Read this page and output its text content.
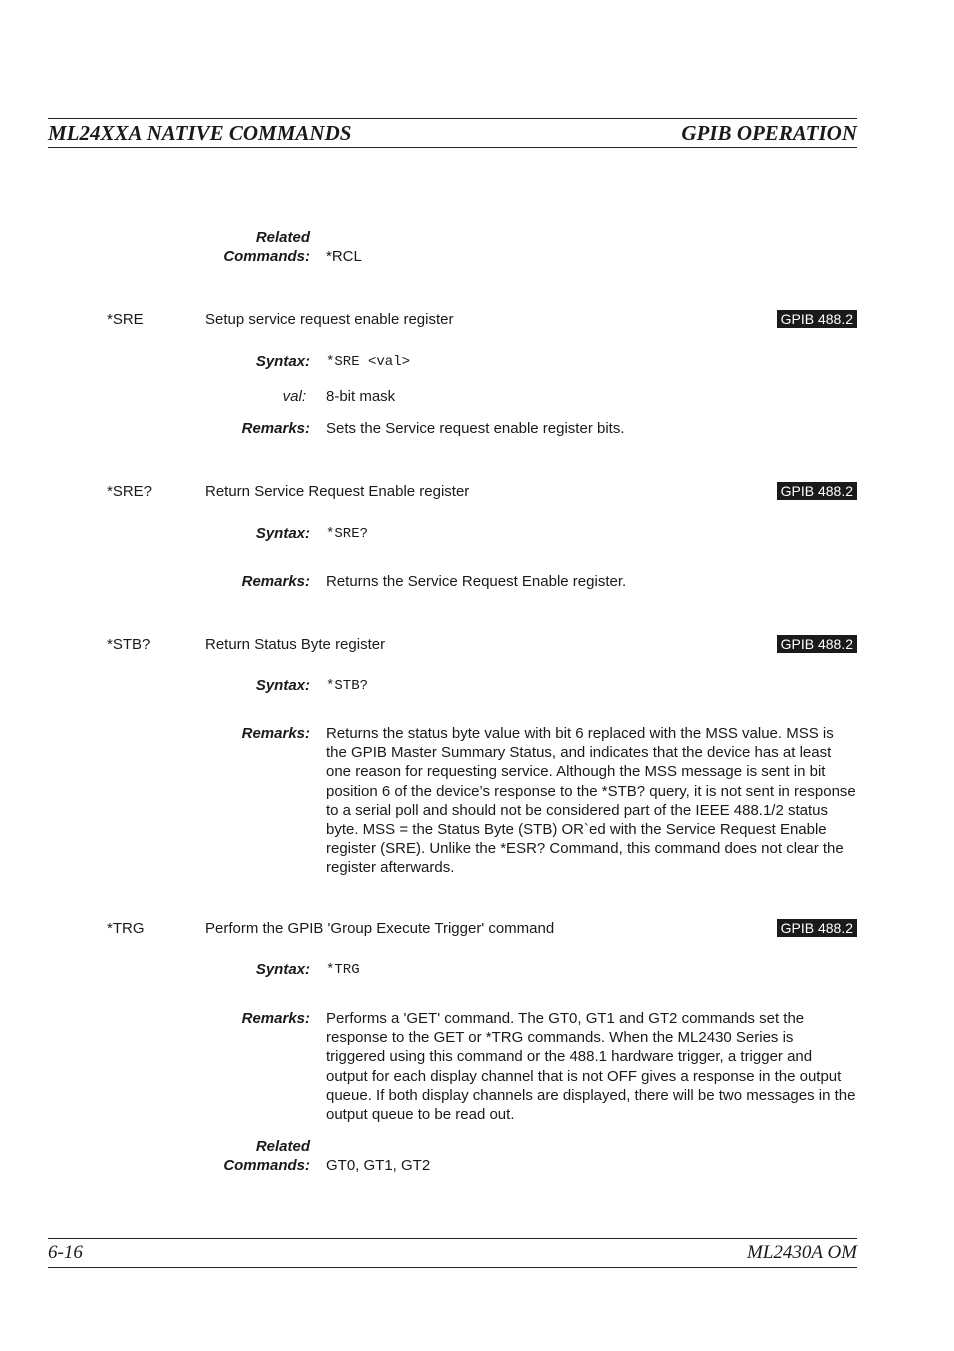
ML24XXA NATIVE COMMANDS	GPIB OPERATION
Related
Commands: *RCL
*SRE	Setup service request enable register	GPIB 488.2
Syntax: *SRE <val>
val: 8-bit mask
Remarks: Sets the Service request enable register bits.
*SRE?	Return Service Request Enable register	GPIB 488.2
Syntax: *SRE?
Remarks: Returns the Service Request Enable register.
*STB?	Return Status Byte register	GPIB 488.2
Syntax: *STB?
Remarks: Returns the status byte value with bit 6 replaced with the MSS value. MSS is the GPIB Master Summary Status, and indicates that the device has at least one reason for requesting service. Although the MSS message is sent in bit position 6 of the device’s response to the *STB? query, it is not sent in response to a serial poll and should not be considered part of the IEEE 488.1/2 status byte. MSS = the Status Byte (STB) OR`ed with the Service Request Enable register (SRE). Unlike the *ESR? Command, this command does not clear the register afterwards.
*TRG	Perform the GPIB 'Group Execute Trigger' command	GPIB 488.2
Syntax: *TRG
Remarks: Performs a 'GET' command. The GT0, GT1 and GT2 commands set the response to the GET or *TRG commands. When the ML2430 Series is triggered using this command or the 488.1 hardware trigger, a trigger and output for each display channel that is not OFF gives a response in the output queue. If both display channels are displayed, there will be two messages in the output queue to be read out.
Related
Commands: GT0, GT1, GT2
6-16	ML2430A OM
